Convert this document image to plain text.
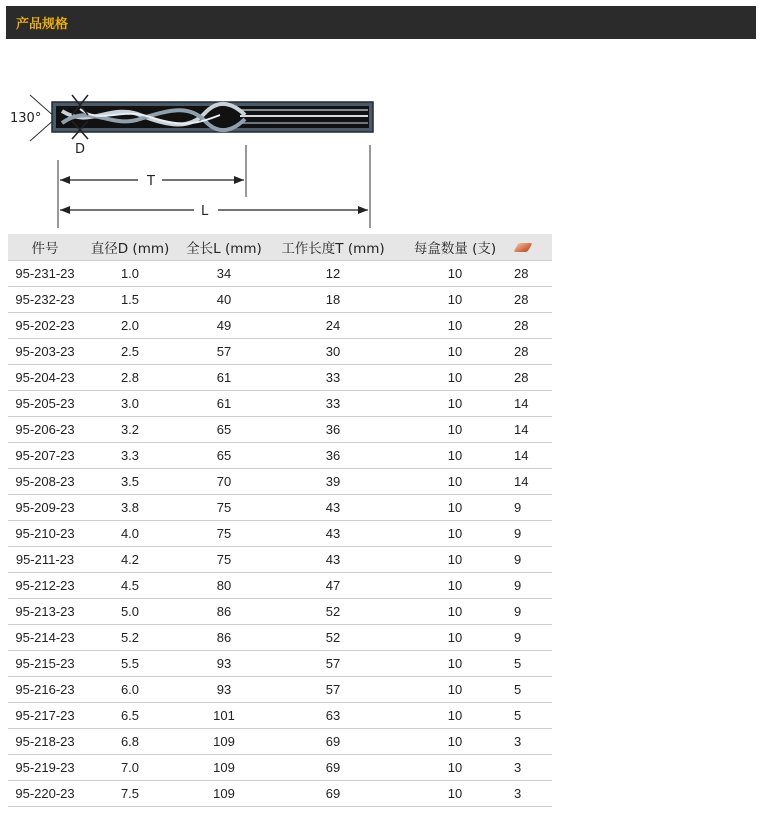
产品规格
130°
D
T
L
件号	直径D (mm)	全长L (mm)	工作长度T (mm)	每盒数量 (支)	
95-231-23	1.0	34	12	10	28
95-232-23	1.5	40	18	10	28
95-202-23	2.0	49	24	10	28
95-203-23	2.5	57	30	10	28
95-204-23	2.8	61	33	10	28
95-205-23	3.0	61	33	10	14
95-206-23	3.2	65	36	10	14
95-207-23	3.3	65	36	10	14
95-208-23	3.5	70	39	10	14
95-209-23	3.8	75	43	10	9
95-210-23	4.0	75	43	10	9
95-211-23	4.2	75	43	10	9
95-212-23	4.5	80	47	10	9
95-213-23	5.0	86	52	10	9
95-214-23	5.2	86	52	10	9
95-215-23	5.5	93	57	10	5
95-216-23	6.0	93	57	10	5
95-217-23	6.5	101	63	10	5
95-218-23	6.8	109	69	10	3
95-219-23	7.0	109	69	10	3
95-220-23	7.5	109	69	10	3
